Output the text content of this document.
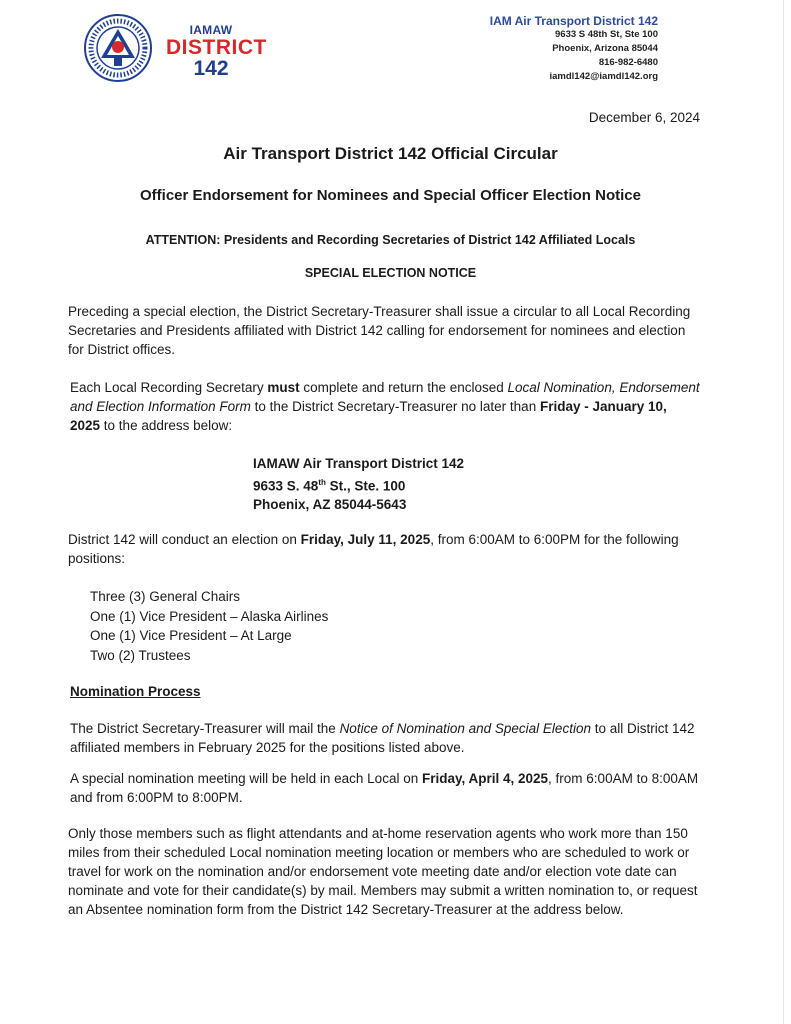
IAMAW
DISTRICT
142
IAM Air Transport District 142
9633 S 48th St, Ste 100
Phoenix, Arizona 85044
816-982-6480
iamdl142@iamdl142.org
December 6, 2024
Air Transport District 142 Official Circular
Officer Endorsement for Nominees and Special Officer Election Notice
ATTENTION: Presidents and Recording Secretaries of District 142 Affiliated Locals
SPECIAL ELECTION NOTICE
Preceding a special election, the District Secretary-Treasurer shall issue a circular to all Local Recording Secretaries and Presidents affiliated with District 142 calling for endorsement for nominees and election for District offices.
Each Local Recording Secretary must complete and return the enclosed Local Nomination, Endorsement and Election Information Form to the District Secretary-Treasurer no later than Friday - January 10, 2025 to the address below:
IAMAW Air Transport District 142
9633 S. 48th St., Ste. 100
Phoenix, AZ 85044-5643
District 142 will conduct an election on Friday, July 11, 2025, from 6:00AM to 6:00PM for the following positions:
Three (3) General Chairs
One (1) Vice President – Alaska Airlines
One (1) Vice President – At Large
Two (2) Trustees
Nomination Process
The District Secretary-Treasurer will mail the Notice of Nomination and Special Election to all District 142 affiliated members in February 2025 for the positions listed above.
A special nomination meeting will be held in each Local on Friday, April 4, 2025, from 6:00AM to 8:00AM and from 6:00PM to 8:00PM.
Only those members such as flight attendants and at-home reservation agents who work more than 150 miles from their scheduled Local nomination meeting location or members who are scheduled to work or travel for work on the nomination and/or endorsement vote meeting date and/or election vote date can nominate and vote for their candidate(s) by mail. Members may submit a written nomination to, or request an Absentee nomination form from the District 142 Secretary-Treasurer at the address below.
